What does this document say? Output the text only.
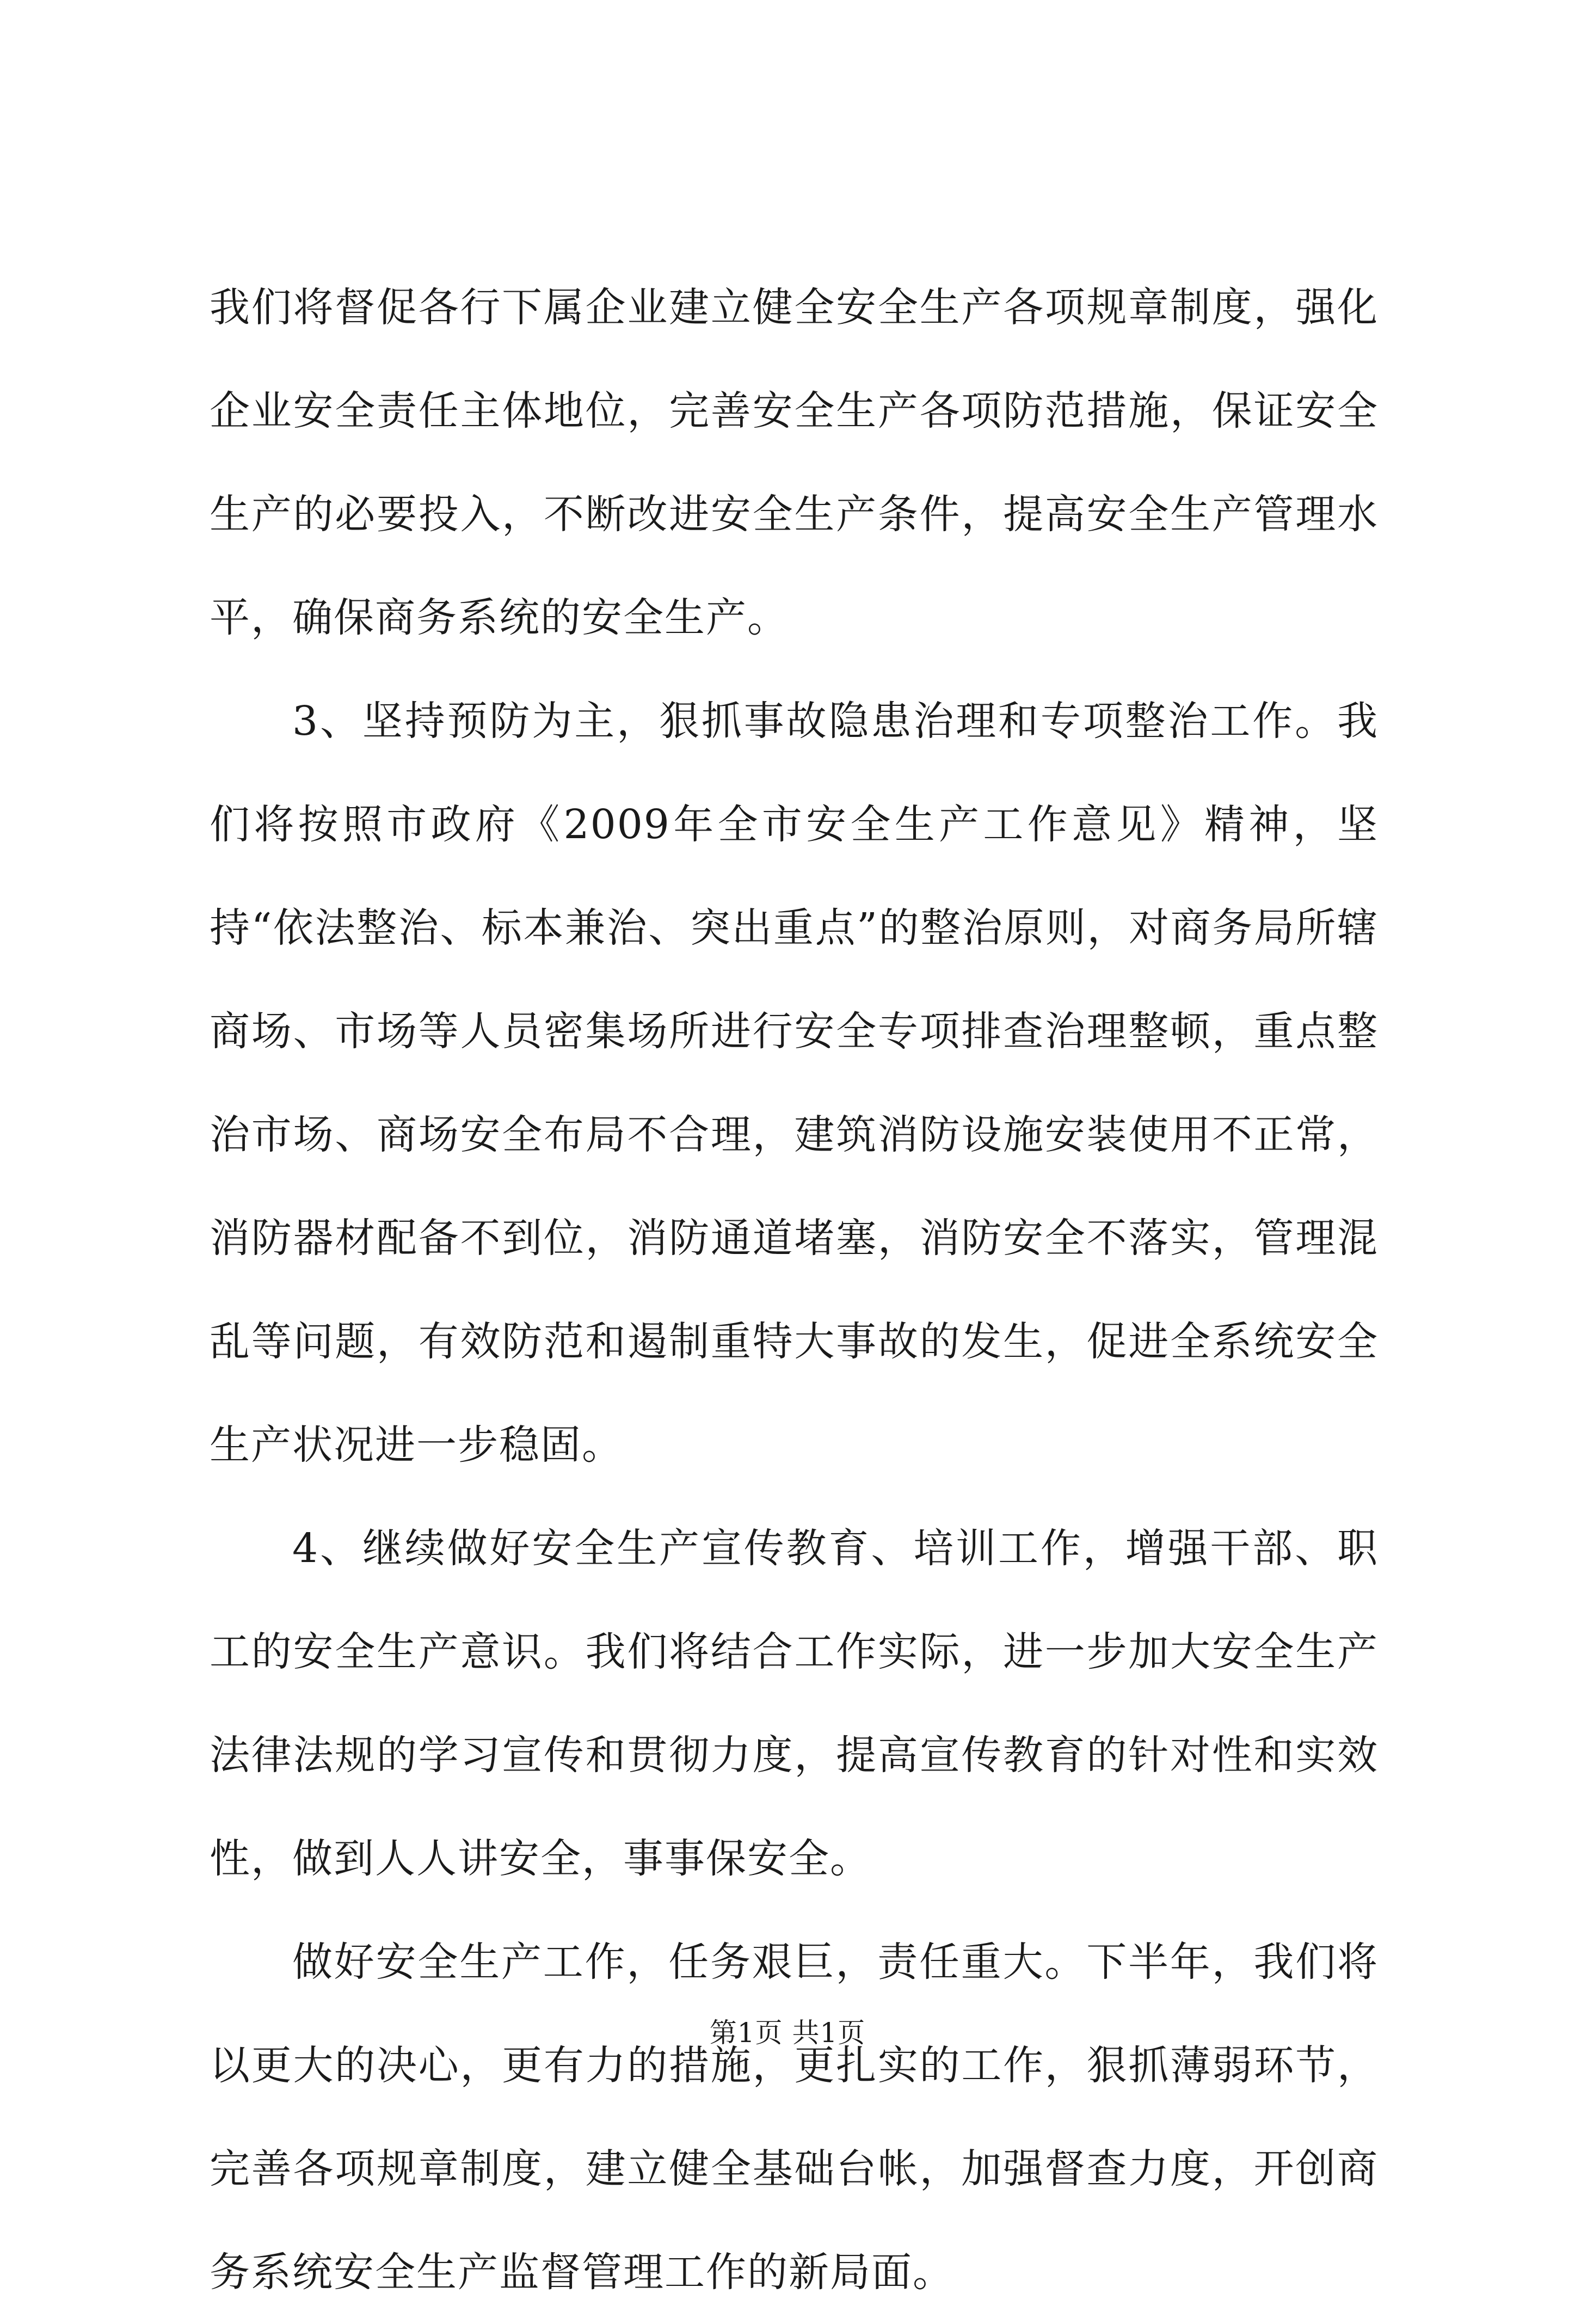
我们将督促各行下属企业建立健全安全生产各项规章制度，强化企业安全责任主体地位，完善安全生产各项防范措施，保证安全生产的必要投入，不断改进安全生产条件，提高安全生产管理水平，确保商务系统的安全生产。

3、坚持预防为主，狠抓事故隐患治理和专项整治工作。我们将按照市政府《2009年全市安全生产工作意见》精神，坚持“依法整治、标本兼治、突出重点”的整治原则，对商务局所辖商场、市场等人员密集场所进行安全专项排查治理整顿，重点整治市场、商场安全布局不合理，建筑消防设施安装使用不正常，消防器材配备不到位，消防通道堵塞，消防安全不落实，管理混乱等问题，有效防范和遏制重特大事故的发生，促进全系统安全生产状况进一步稳固。

4、继续做好安全生产宣传教育、培训工作，增强干部、职工的安全生产意识。我们将结合工作实际，进一步加大安全生产法律法规的学习宣传和贯彻力度，提高宣传教育的针对性和实效性，做到人人讲安全，事事保安全。

做好安全生产工作，任务艰巨，责任重大。下半年，我们将以更大的决心，更有力的措施，更扎实的工作，狠抓薄弱环节，完善各项规章制度，建立健全基础台帐，加强督查力度，开创商务系统安全生产监督管理工作的新局面。

第1页 共1页
